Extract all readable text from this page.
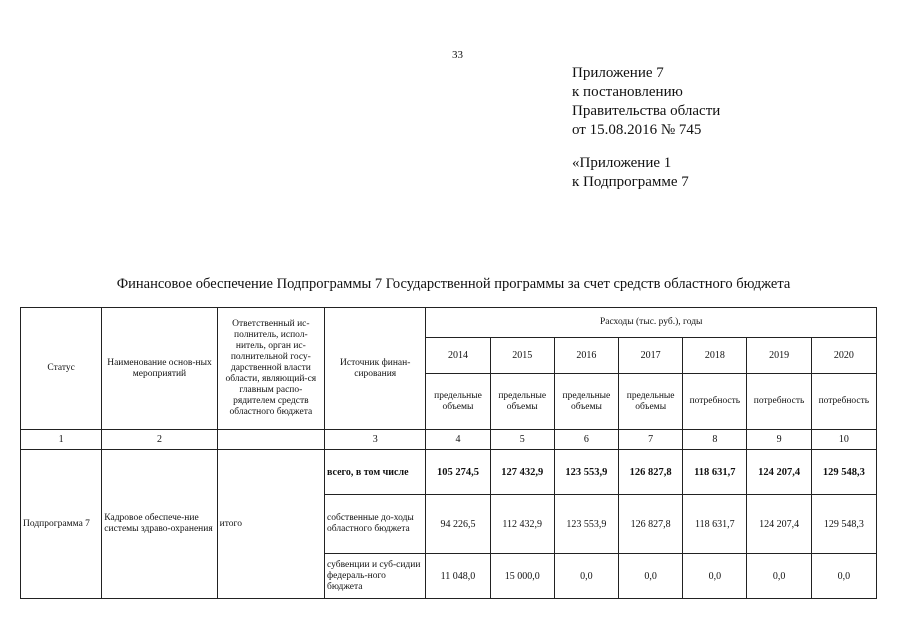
33
Приложение 7
к постановлению
Правительства области
от 15.08.2016 № 745
«Приложение 1
к Подпрограмме 7
Финансовое обеспечение Подпрограммы 7 Государственной программы за счет средств областного бюджета
Статус	Наименование основ-ных мероприятий	Ответственный ис-полнитель, испол-нитель, орган ис-полнительной госу-дарственной власти области, являющий-ся главным распо-рядителем средств областного бюджета	Источник финан-сирования	Расходы (тыс. руб.), годы						
				2014	2015	2016	2017	2018	2019	2020
				предельные объемы	предельные объемы	предельные объемы	предельные объемы	потребность	потребность	потребность
1	2		3	4	5	6	7	8	9	10
Подпрограмма 7	Кадровое обеспече-ние системы здраво-охранения	итого	всего, в том числе	105 274,5	127 432,9	123 553,9	126 827,8	118 631,7	124 207,4	129 548,3
			собственные до-ходы областного бюджета	94 226,5	112 432,9	123 553,9	126 827,8	118 631,7	124 207,4	129 548,3
			субвенции и суб-сидии федераль-ного бюджета	11 048,0	15 000,0	0,0	0,0	0,0	0,0	0,0
